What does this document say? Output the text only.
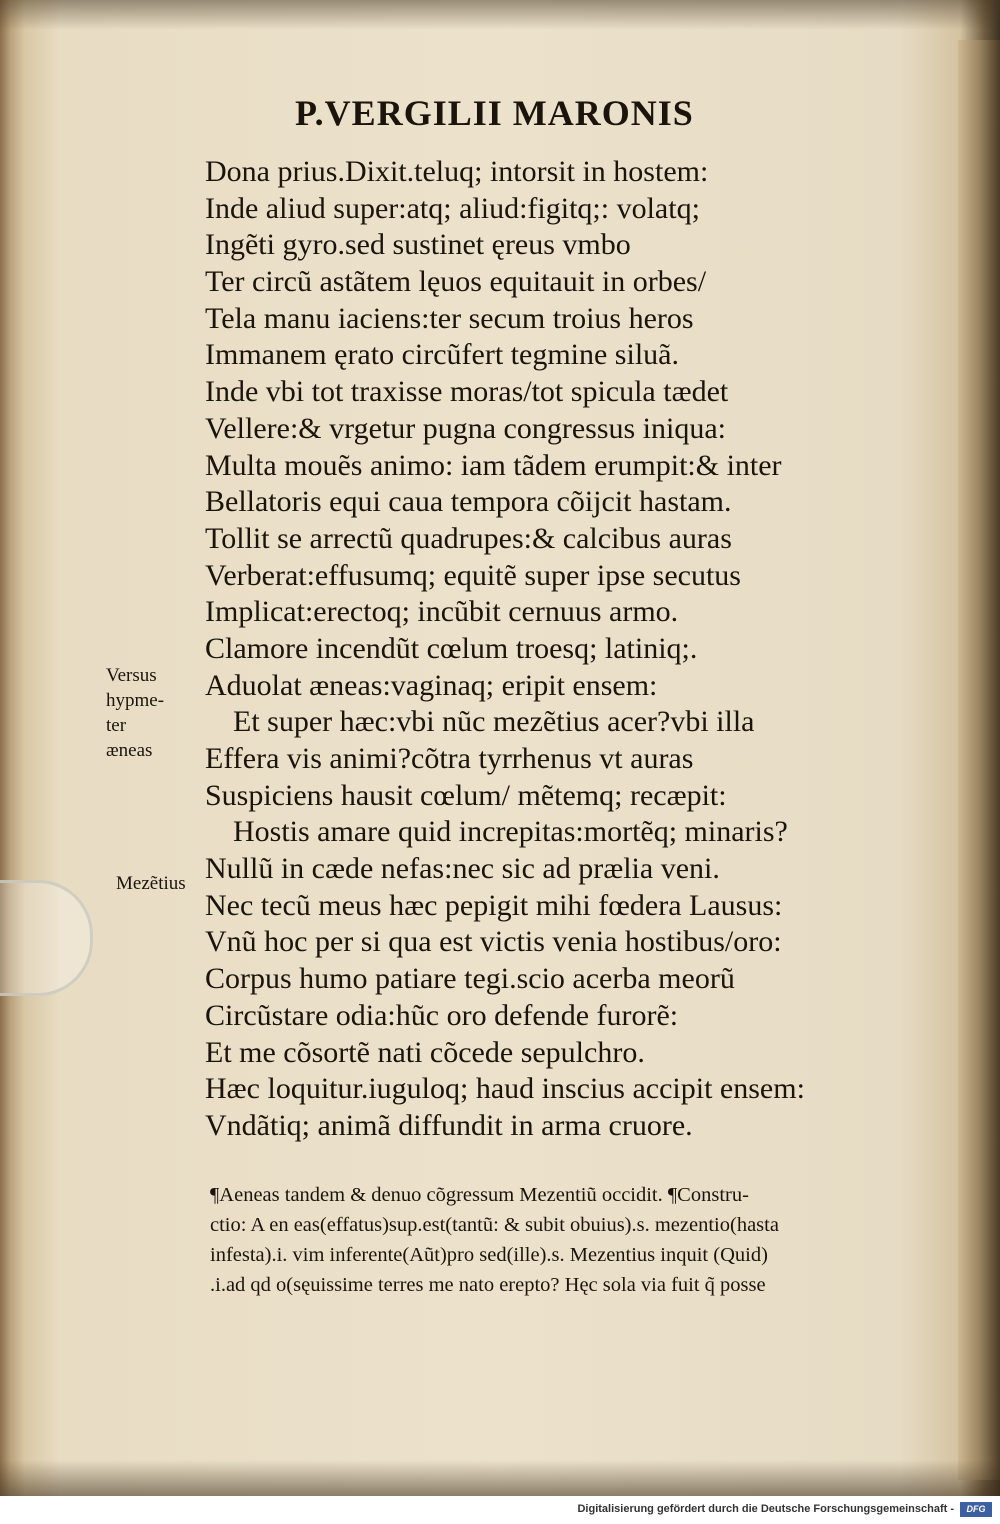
P.VERGILII MARONIS
Dona prius.Dixit.teluq; intorsit in hostem:
Inde aliud super:atq; aliud:figitq;: volatq;
Ingẽti gyro.sed sustinet ęreus vmbo
Ter circũ astãtem lęuos equitauit in orbes/
Tela manu iaciens:ter secum troius heros
Immanem ęrato circũfert tegmine siluã.
Inde vbi tot traxisse moras/tot spicula tædet
Vellere:& vrgetur pugna congressus iniqua:
Multa mouẽs animo: iam tãdem erumpit:& inter
Bellatoris equi caua tempora cõijcit hastam.
Tollit se arrectũ quadrupes:& calcibus auras
Verberat:effusumq; equitẽ super ipse secutus
Implicat:erectoq; incũbit cernuus armo.
Clamore incendũt cœlum troesq; latiniq;.
Aduolat æneas:vaginaq; eripit ensem:
Et super hæc:vbi nũc mezẽtius acer?vbi illa
Effera vis animi?cõtra tyrrhenus vt auras
Suspiciens hausit cœlum/ mẽtemq; recæpit:
Hostis amare quid increpitas:mortẽq; minaris?
Nullũ in cæde nefas:nec sic ad prælia veni.
Nec tecũ meus hæc pepigit mihi fœdera Lausus:
Vnũ hoc per si qua est victis venia hostibus/oro:
Corpus humo patiare tegi.scio acerba meorũ
Circũstare odia:hũc oro defende furorẽ:
Et me cõsortẽ nati cõcede sepulchro.
Hæc loquitur.iuguloq; haud inscius accipit ensem:
Vndãtiq; animã diffundit in arma cruore.
Versus
hypme-
ter
æneas
Mezẽtius
¶Aeneas tandem & denuo cõgressum Mezentiũ occidit. ¶Constru-
ctio: A en eas(effatus)sup.est(tantũ: & subit obuius).s. mezentio(hasta
infesta).i. vim inferente(Aũt)pro sed(ille).s. Mezentius inquit (Quid)
.i.ad qd o(sęuissime terres me nato erepto? Hęc sola via fuit q̃ posse
Digitalisierung gefördert durch die Deutsche Forschungsgemeinschaft -	DFG
